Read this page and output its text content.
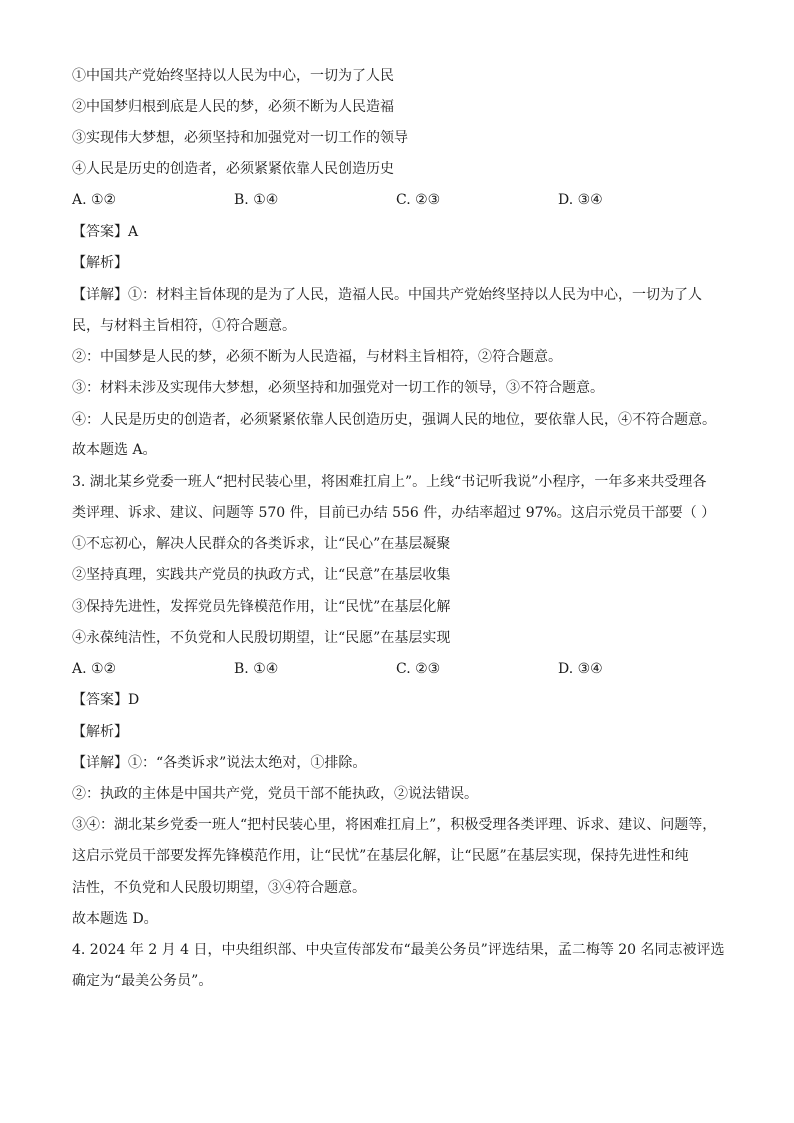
①中国共产党始终坚持以人民为中心，一切为了人民
②中国梦归根到底是人民的梦，必须不断为人民造福
③实现伟大梦想，必须坚持和加强党对一切工作的领导
④人民是历史的创造者，必须紧紧依靠人民创造历史
A. ①②	B. ①④	C. ②③	D. ③④
【答案】A
【解析】
【详解】①：材料主旨体现的是为了人民，造福人民。中国共产党始终坚持以人民为中心，一切为了人
民，与材料主旨相符，①符合题意。
②：中国梦是人民的梦，必须不断为人民造福，与材料主旨相符，②符合题意。
③：材料未涉及实现伟大梦想，必须坚持和加强党对一切工作的领导，③不符合题意。
④：人民是历史的创造者，必须紧紧依靠人民创造历史，强调人民的地位，要依靠人民，④不符合题意。
故本题选 A。
3. 湖北某乡党委一班人“把村民装心里，将困难扛肩上”。上线“书记听我说”小程序，一年多来共受理各
类评理、诉求、建议、问题等 570 件，目前已办结 556 件，办结率超过 97%。这启示党员干部要（ ）
①不忘初心，解决人民群众的各类诉求，让“民心”在基层凝聚
②坚持真理，实践共产党员的执政方式，让“民意”在基层收集
③保持先进性，发挥党员先锋模范作用，让“民忧”在基层化解
④永葆纯洁性，不负党和人民殷切期望，让“民愿”在基层实现
A. ①②	B. ①④	C. ②③	D. ③④
【答案】D
【解析】
【详解】①：“各类诉求”说法太绝对，①排除。
②：执政的主体是中国共产党，党员干部不能执政，②说法错误。
③④：湖北某乡党委一班人“把村民装心里，将困难扛肩上”，积极受理各类评理、诉求、建议、问题等，
这启示党员干部要发挥先锋模范作用，让“民忧”在基层化解，让“民愿”在基层实现，保持先进性和纯
洁性，不负党和人民殷切期望，③④符合题意。
故本题选 D。
4. 2024 年 2 月 4 日，中央组织部、中央宣传部发布“最美公务员”评选结果，孟二梅等 20 名同志被评选
确定为“最美公务员”。
